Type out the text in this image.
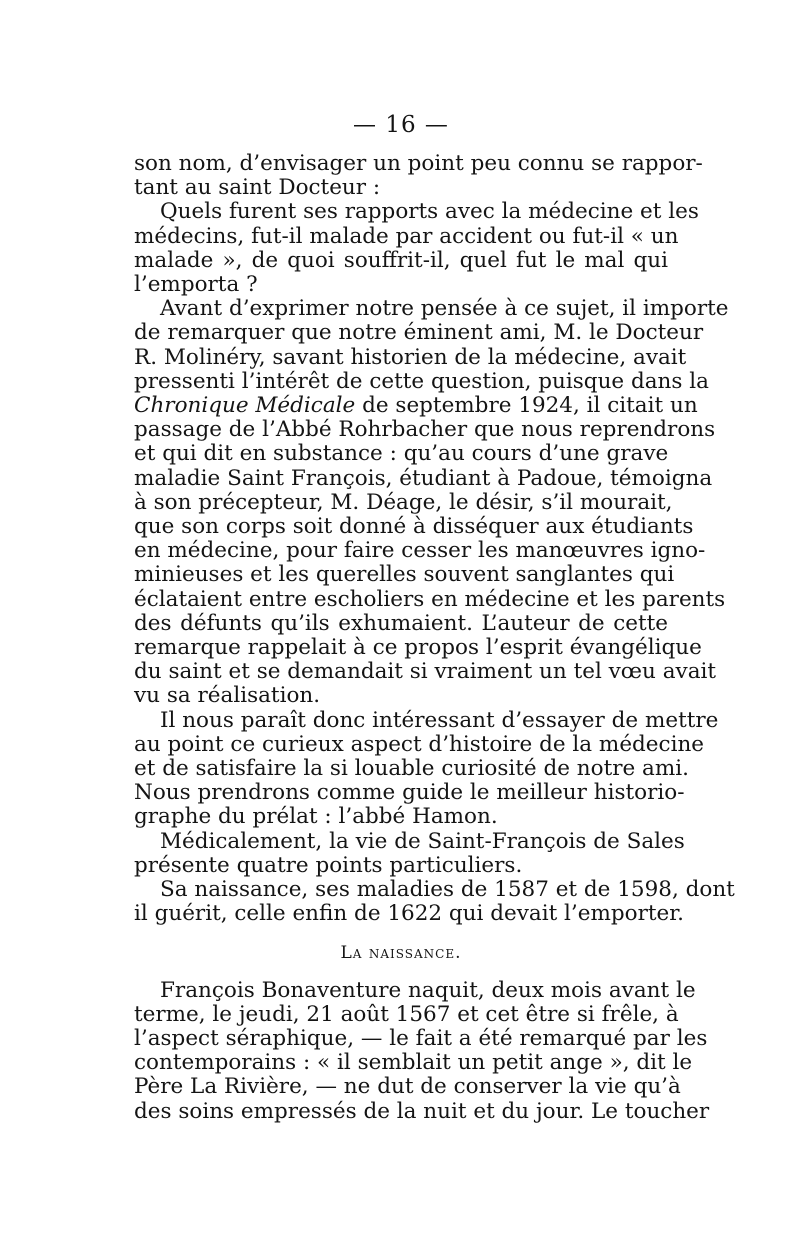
— 16 —

son nom, d’envisager un point peu connu se rappor-
tant au saint Docteur :

Quels furent ses rapports avec la médecine et les
médecins, fut-il malade par accident ou fut-il « un
malade », de quoi souffrit-il, quel fut le mal qui
l’emporta ?

Avant d’exprimer notre pensée à ce sujet, il importe
de remarquer que notre éminent ami, M. le Docteur
R. Molinéry, savant historien de la médecine, avait
pressenti l’intérêt de cette question, puisque dans la
Chronique Médicale de septembre 1924, il citait un
passage de l’Abbé Rohrbacher que nous reprendrons
et qui dit en substance : qu’au cours d’une grave
maladie Saint François, étudiant à Padoue, témoigna
à son précepteur, M. Déage, le désir, s’il mourait,
que son corps soit donné à disséquer aux étudiants
en médecine, pour faire cesser les manœuvres igno-
minieuses et les querelles souvent sanglantes qui
éclataient entre escholiers en médecine et les parents
des défunts qu’ils exhumaient. L’auteur de cette
remarque rappelait à ce propos l’esprit évangélique
du saint et se demandait si vraiment un tel vœu avait
vu sa réalisation.

Il nous paraît donc intéressant d’essayer de mettre
au point ce curieux aspect d’histoire de la médecine
et de satisfaire la si louable curiosité de notre ami.
Nous prendrons comme guide le meilleur historio-
graphe du prélat : l’abbé Hamon.

Médicalement, la vie de Saint-François de Sales
présente quatre points particuliers.

Sa naissance, ses maladies de 1587 et de 1598, dont
il guérit, celle enfin de 1622 qui devait l’emporter.

La naissance.

François Bonaventure naquit, deux mois avant le
terme, le jeudi, 21 août 1567 et cet être si frêle, à
l’aspect séraphique, — le fait a été remarqué par les
contemporains : « il semblait un petit ange », dit le
Père La Rivière, — ne dut de conserver la vie qu’à
des soins empressés de la nuit et du jour. Le toucher
